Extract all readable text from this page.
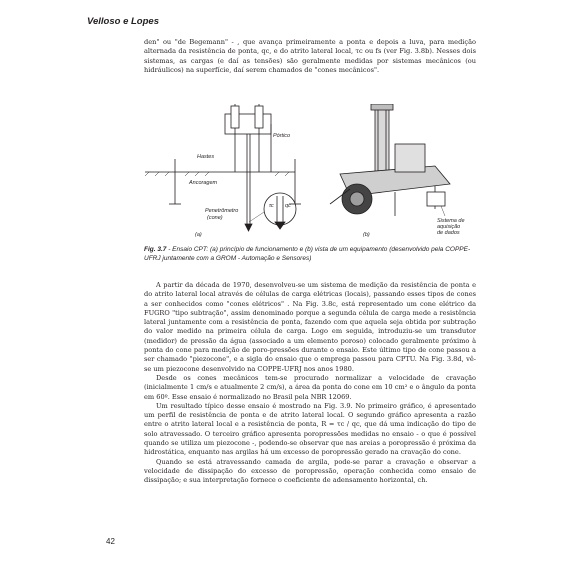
Velloso e Lopes

den" ou "de Begemann" - , que avança primeiramente a ponta e depois a luva, para medição alternada da resistência de ponta, qc, e do atrito lateral local, τc ou fs (ver Fig. 3.8b). Nesses dois sistemas, as cargas (e daí as tensões) são geralmente medidas por sistemas mecânicos (ou hidráulicos) na superfície, daí serem chamados de "cones mecânicos".

Pórtico
Hastes
Ancoragem
Penetrômetro
(cone)
τc qc
(a)
Sistema de
aquisição
de dados
(b)
Fig. 3.7 - Ensaio CPT: (a) princípio de funcionamento e (b) vista de um equipamento (desenvolvido pela COPPE-UFRJ juntamente com a GROM - Automação e Sensores)

A partir da década de 1970, desenvolveu-se um sistema de medição da resistência de ponta e do atrito lateral local através de células de carga elétricas (locais), passando esses tipos de cones a ser conhecidos como "cones elétricos" . Na Fig. 3.8c, está representado um cone elétrico da FUGRO "tipo subtração", assim denominado porque a segunda célula de carga mede a resistência lateral juntamente com a resistência de ponta, fazendo com que aquela seja obtida por subtração do valor medido na primeira célula de carga. Logo em seguida, introduziu-se um transdutor (medidor) de pressão da água (associado a um elemento poroso) colocado geralmente próximo à ponta do cone para medição de poro-pressões durante o ensaio. Este último tipo de cone passou a ser chamado "piezocone", e a sigla do ensaio que o emprega passou para CPTU. Na Fig. 3.8d, vê-se um piezocone desenvolvido na COPPE-UFRJ nos anos 1980.

Desde os cones mecânicos tem-se procurado normalizar a velocidade de cravação (inicialmente 1 cm/s e atualmente 2 cm/s), a área da ponta do cone em 10 cm² e o ângulo da ponta em 60º. Esse ensaio é normalizado no Brasil pela NBR 12069.

Um resultado típico desse ensaio é mostrado na Fig. 3.9. No primeiro gráfico, é apresentado um perfil de resistência de ponta e de atrito lateral local. O segundo gráfico apresenta a razão entre o atrito lateral local e a resistência de ponta, R = τc / qc, que dá uma indicação do tipo de solo atravessado. O terceiro gráfico apresenta poropressões medidas no ensaio - o que é possível quando se utiliza um piezocone -, podendo-se observar que nas areias a poropressão é próxima da hidrostática, enquanto nas argilas há um excesso de poropressão gerado na cravação do cone.

Quando se está atravessando camada de argila, pode-se parar a cravação e observar a velocidade de dissipação do excesso de poropressão, operação conhecida como ensaio de dissipação; e sua interpretação fornece o coeficiente de adensamento horizontal, ch.

42
